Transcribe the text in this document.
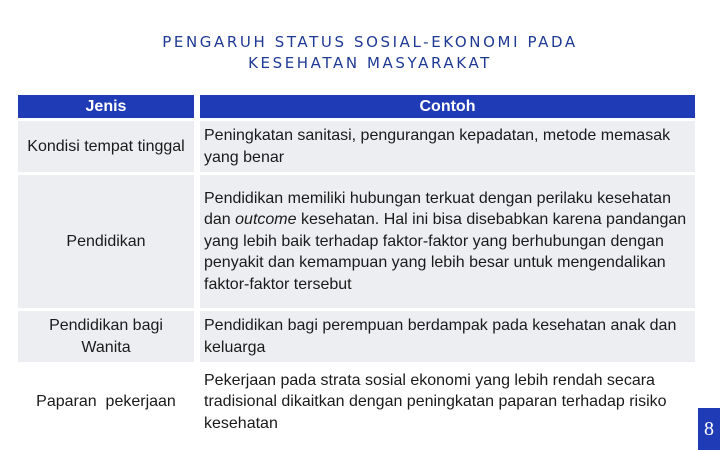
PENGARUH STATUS SOSIAL-EKONOMI PADA
KESEHATAN MASYARAKAT
Jenis		Contoh
Kondisi tempat tinggal		Peningkatan sanitasi, pengurangan kepadatan, metode memasak yang benar
Pendidikan		Pendidikan memiliki hubungan terkuat dengan perilaku kesehatan dan outcome kesehatan. Hal ini bisa disebabkan karena pandangan yang lebih baik terhadap faktor-faktor yang berhubungan dengan penyakit dan kemampuan yang lebih besar untuk mengendalikan faktor-faktor tersebut
Pendidikan bagi Wanita		Pendidikan bagi perempuan berdampak pada kesehatan anak dan keluarga
Paparan  pekerjaan		Pekerjaan pada strata sosial ekonomi yang lebih rendah secara tradisional dikaitkan dengan peningkatan paparan terhadap risiko kesehatan	8
